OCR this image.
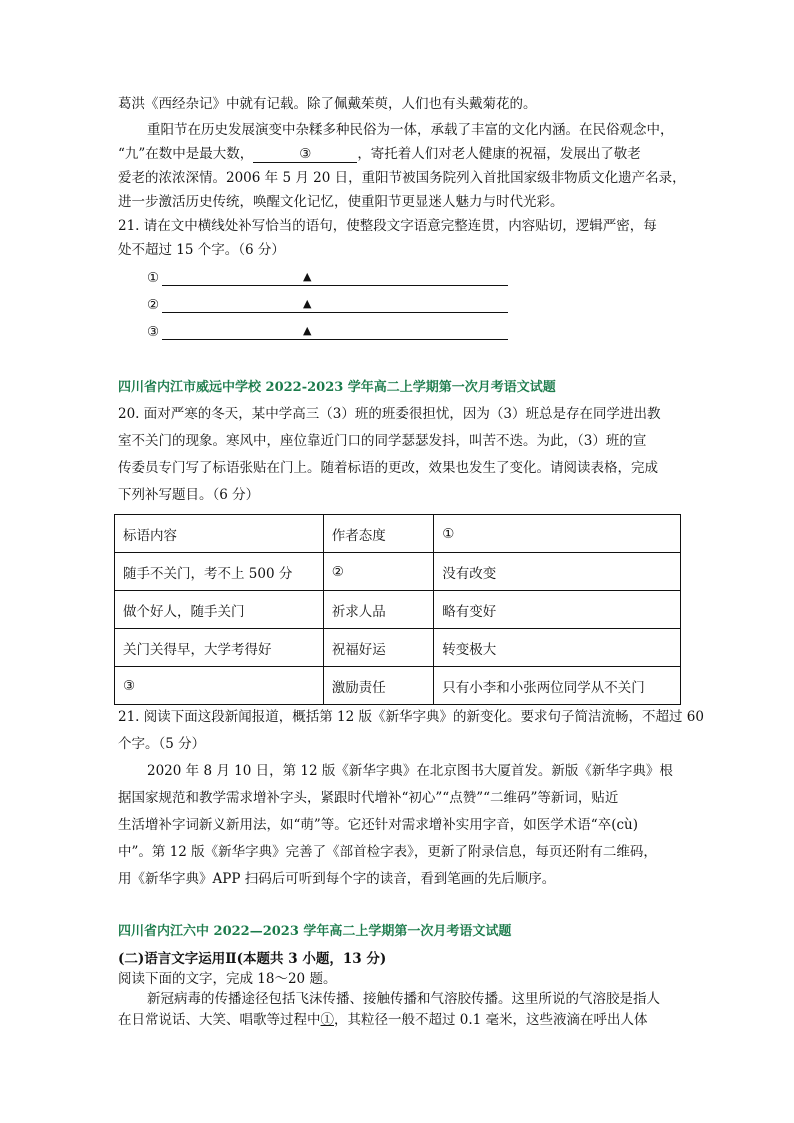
葛洪《西经杂记》中就有记载。除了佩戴茱萸，人们也有头戴菊花的。
重阳节在历史发展演变中杂糅多种民俗为一体，承载了丰富的文化内涵。在民俗观念中，
“九”在数中是最大数，	③	，寄托着人们对老人健康的祝福，发展出了敬老
爱老的浓浓深情。2006 年 5 月 20 日，重阳节被国务院列入首批国家级非物质文化遗产名录，
进一步激活历史传统，唤醒文化记忆，使重阳节更显迷人魅力与时代光彩。
21. 请在文中横线处补写恰当的语句，使整段文字语意完整连贯，内容贴切，逻辑严密，每
处不超过 15 个字。（6 分）
①	▲
②	▲
③	▲
四川省内江市威远中学校 2022-2023 学年高二上学期第一次月考语文试题
20. 面对严寒的冬天，某中学高三（3）班的班委很担忧，因为（3）班总是存在同学进出教
室不关门的现象。寒风中，座位靠近门口的同学瑟瑟发抖，叫苦不迭。为此，（3）班的宣
传委员专门写了标语张贴在门上。随着标语的更改，效果也发生了变化。请阅读表格，完成
下列补写题目。（6 分）
标语内容	作者态度	①
随手不关门，考不上 500 分	②	没有改变
做个好人，随手关门	祈求人品	略有变好
关门关得早，大学考得好	祝福好运	转变极大
③	激励责任	只有小李和小张两位同学从不关门
21. 阅读下面这段新闻报道，概括第 12 版《新华字典》的新变化。要求句子简洁流畅，不超过 60
个字。（5 分）
2020 年 8 月 10 日，第 12 版《新华字典》在北京图书大厦首发。新版《新华字典》根
据国家规范和教学需求增补字头，紧跟时代增补“初心”“点赞”“二维码”等新词，贴近
生活增补字词新义新用法，如“萌”等。它还针对需求增补实用字音，如医学术语“卒(cù)
中”。第 12 版《新华字典》完善了《部首检字表》，更新了附录信息，每页还附有二维码，
用《新华字典》APP 扫码后可听到每个字的读音，看到笔画的先后顺序。
四川省内江六中 2022—2023 学年高二上学期第一次月考语文试题
(二)语言文字运用Ⅱ(本题共 3 小题，13 分)
阅读下面的文字，完成 18～20 题。
新冠病毒的传播途径包括飞沫传播、接触传播和气溶胶传播。这里所说的气溶胶是指人
在日常说话、大笑、唱歌等过程中①，其粒径一般不超过 0.1 毫米，这些液滴在呼出人体
